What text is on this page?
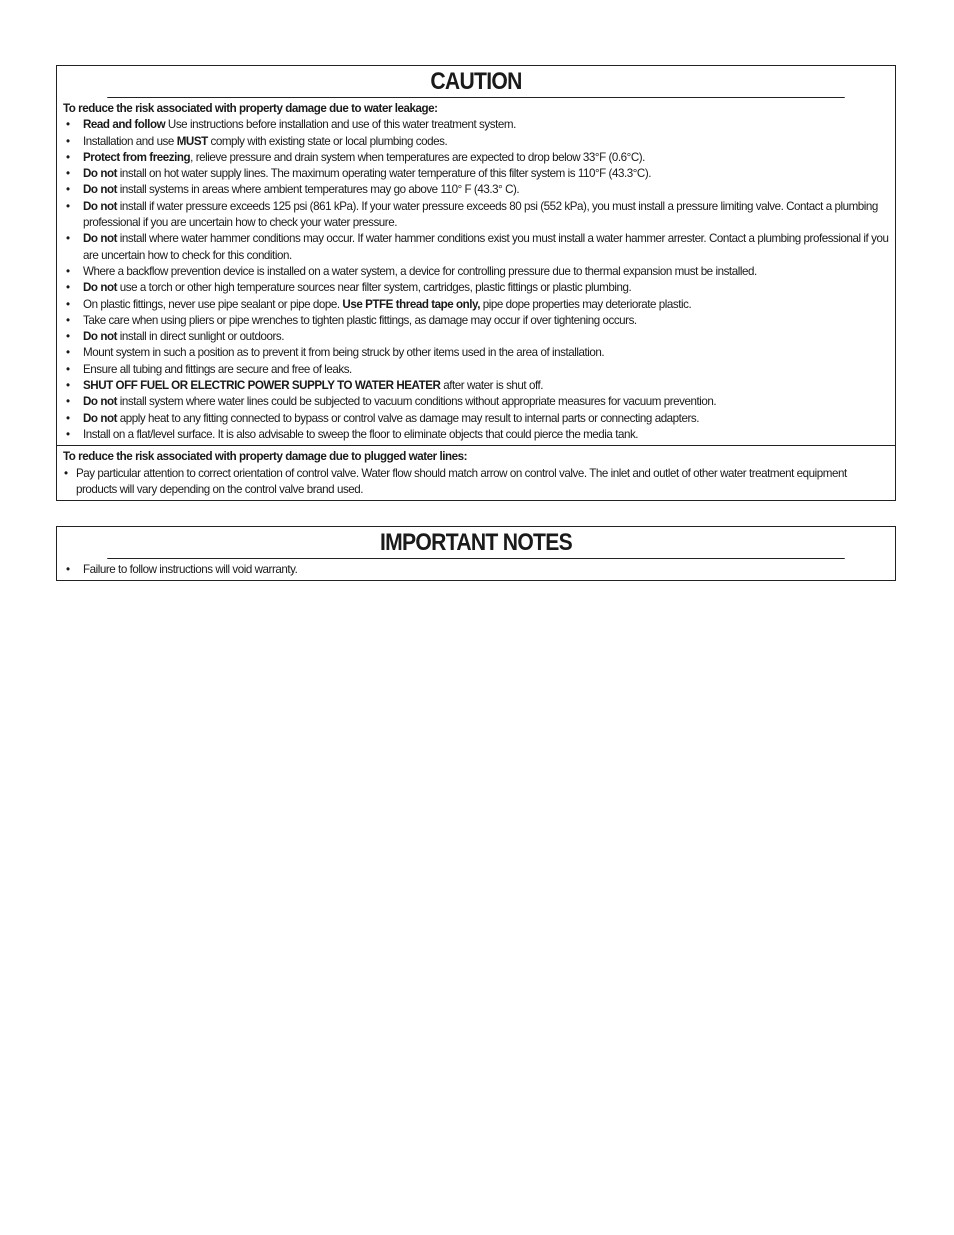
CAUTION
To reduce the risk associated with property damage due to water leakage:
• Read and follow Use instructions before installation and use of this water treatment system.
• Installation and use MUST comply with existing state or local plumbing codes.
• Protect from freezing, relieve pressure and drain system when temperatures are expected to drop below 33°F (0.6°C).
• Do not install on hot water supply lines. The maximum operating water temperature of this filter system is 110°F (43.3°C).
• Do not install systems in areas where ambient temperatures may go above 110° F (43.3° C).
• Do not install if water pressure exceeds 125 psi (861 kPa). If your water pressure exceeds 80 psi (552 kPa), you must install a pressure limiting valve. Contact a plumbing professional if you are uncertain how to check your water pressure.
• Do not install where water hammer conditions may occur. If water hammer conditions exist you must install a water hammer arrester. Contact a plumbing professional if you are uncertain how to check for this condition.
• Where a backflow prevention device is installed on a water system, a device for controlling pressure due to thermal expansion must be installed.
• Do not use a torch or other high temperature sources near filter system, cartridges, plastic fittings or plastic plumbing.
• On plastic fittings, never use pipe sealant or pipe dope. Use PTFE thread tape only, pipe dope properties may deteriorate plastic.
• Take care when using pliers or pipe wrenches to tighten plastic fittings, as damage may occur if over tightening occurs.
• Do not install in direct sunlight or outdoors.
• Mount system in such a position as to prevent it from being struck by other items used in the area of installation.
• Ensure all tubing and fittings are secure and free of leaks.
• SHUT OFF FUEL OR ELECTRIC POWER SUPPLY TO WATER HEATER after water is shut off.
• Do not install system where water lines could be subjected to vacuum conditions without appropriate measures for vacuum prevention.
• Do not apply heat to any fitting connected to bypass or control valve as damage may result to internal parts or connecting adapters.
• Install on a flat/level surface. It is also advisable to sweep the floor to eliminate objects that could pierce the media tank.
To reduce the risk associated with property damage due to plugged water lines:
• Pay particular attention to correct orientation of control valve. Water flow should match arrow on control valve. The inlet and outlet of other water treatment equipment products will vary depending on the control valve brand used.
IMPORTANT NOTES
• Failure to follow instructions will void warranty.
